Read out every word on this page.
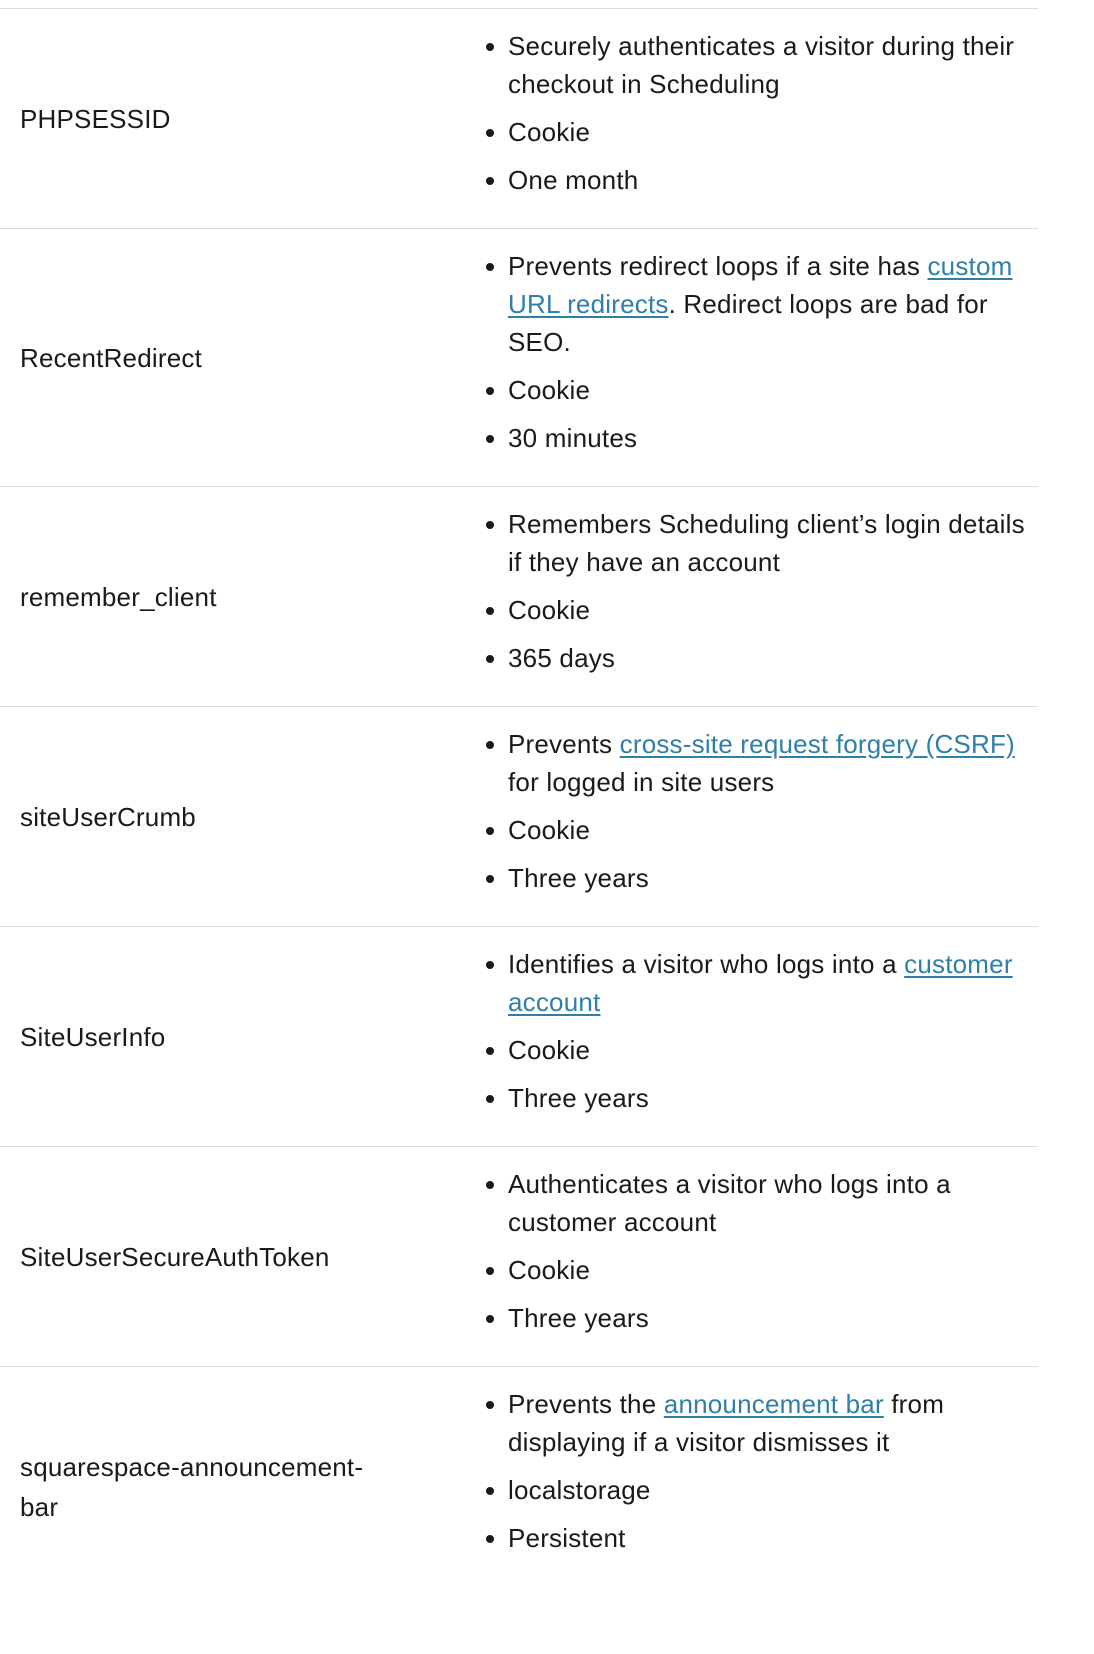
PHPSESSID
Securely authenticates a visitor during their checkout in Scheduling
Cookie
One month
RecentRedirect
Prevents redirect loops if a site has custom URL redirects. Redirect loops are bad for SEO.
Cookie
30 minutes
remember_client
Remembers Scheduling client’s login details if they have an account
Cookie
365 days
siteUserCrumb
Prevents cross-site request forgery (CSRF) for logged in site users
Cookie
Three years
SiteUserInfo
Identifies a visitor who logs into a customer account
Cookie
Three years
SiteUserSecureAuthToken
Authenticates a visitor who logs into a customer account
Cookie
Three years
squarespace-announcement-bar
Prevents the announcement bar from displaying if a visitor dismisses it
localstorage
Persistent
